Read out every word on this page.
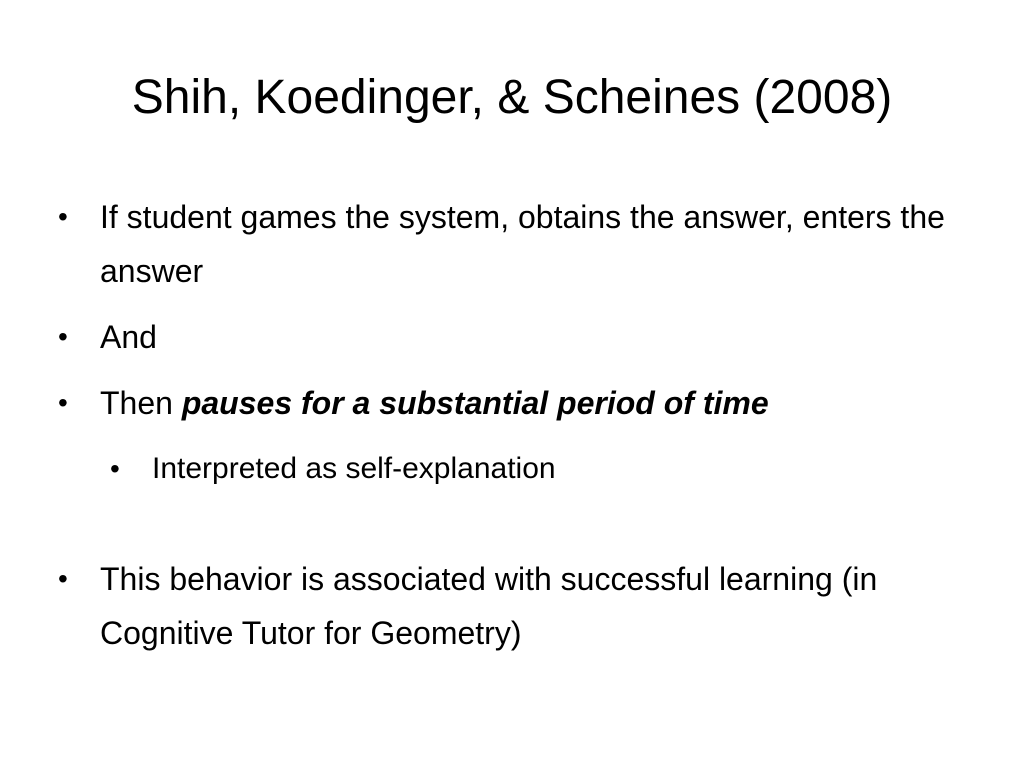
Shih, Koedinger, & Scheines (2008)
•	If student games the system, obtains the answer, enters the answer
•	And
•	Then pauses for a substantial period of time
•	Interpreted as self-explanation
•	This behavior is associated with successful learning (in Cognitive Tutor for Geometry)
